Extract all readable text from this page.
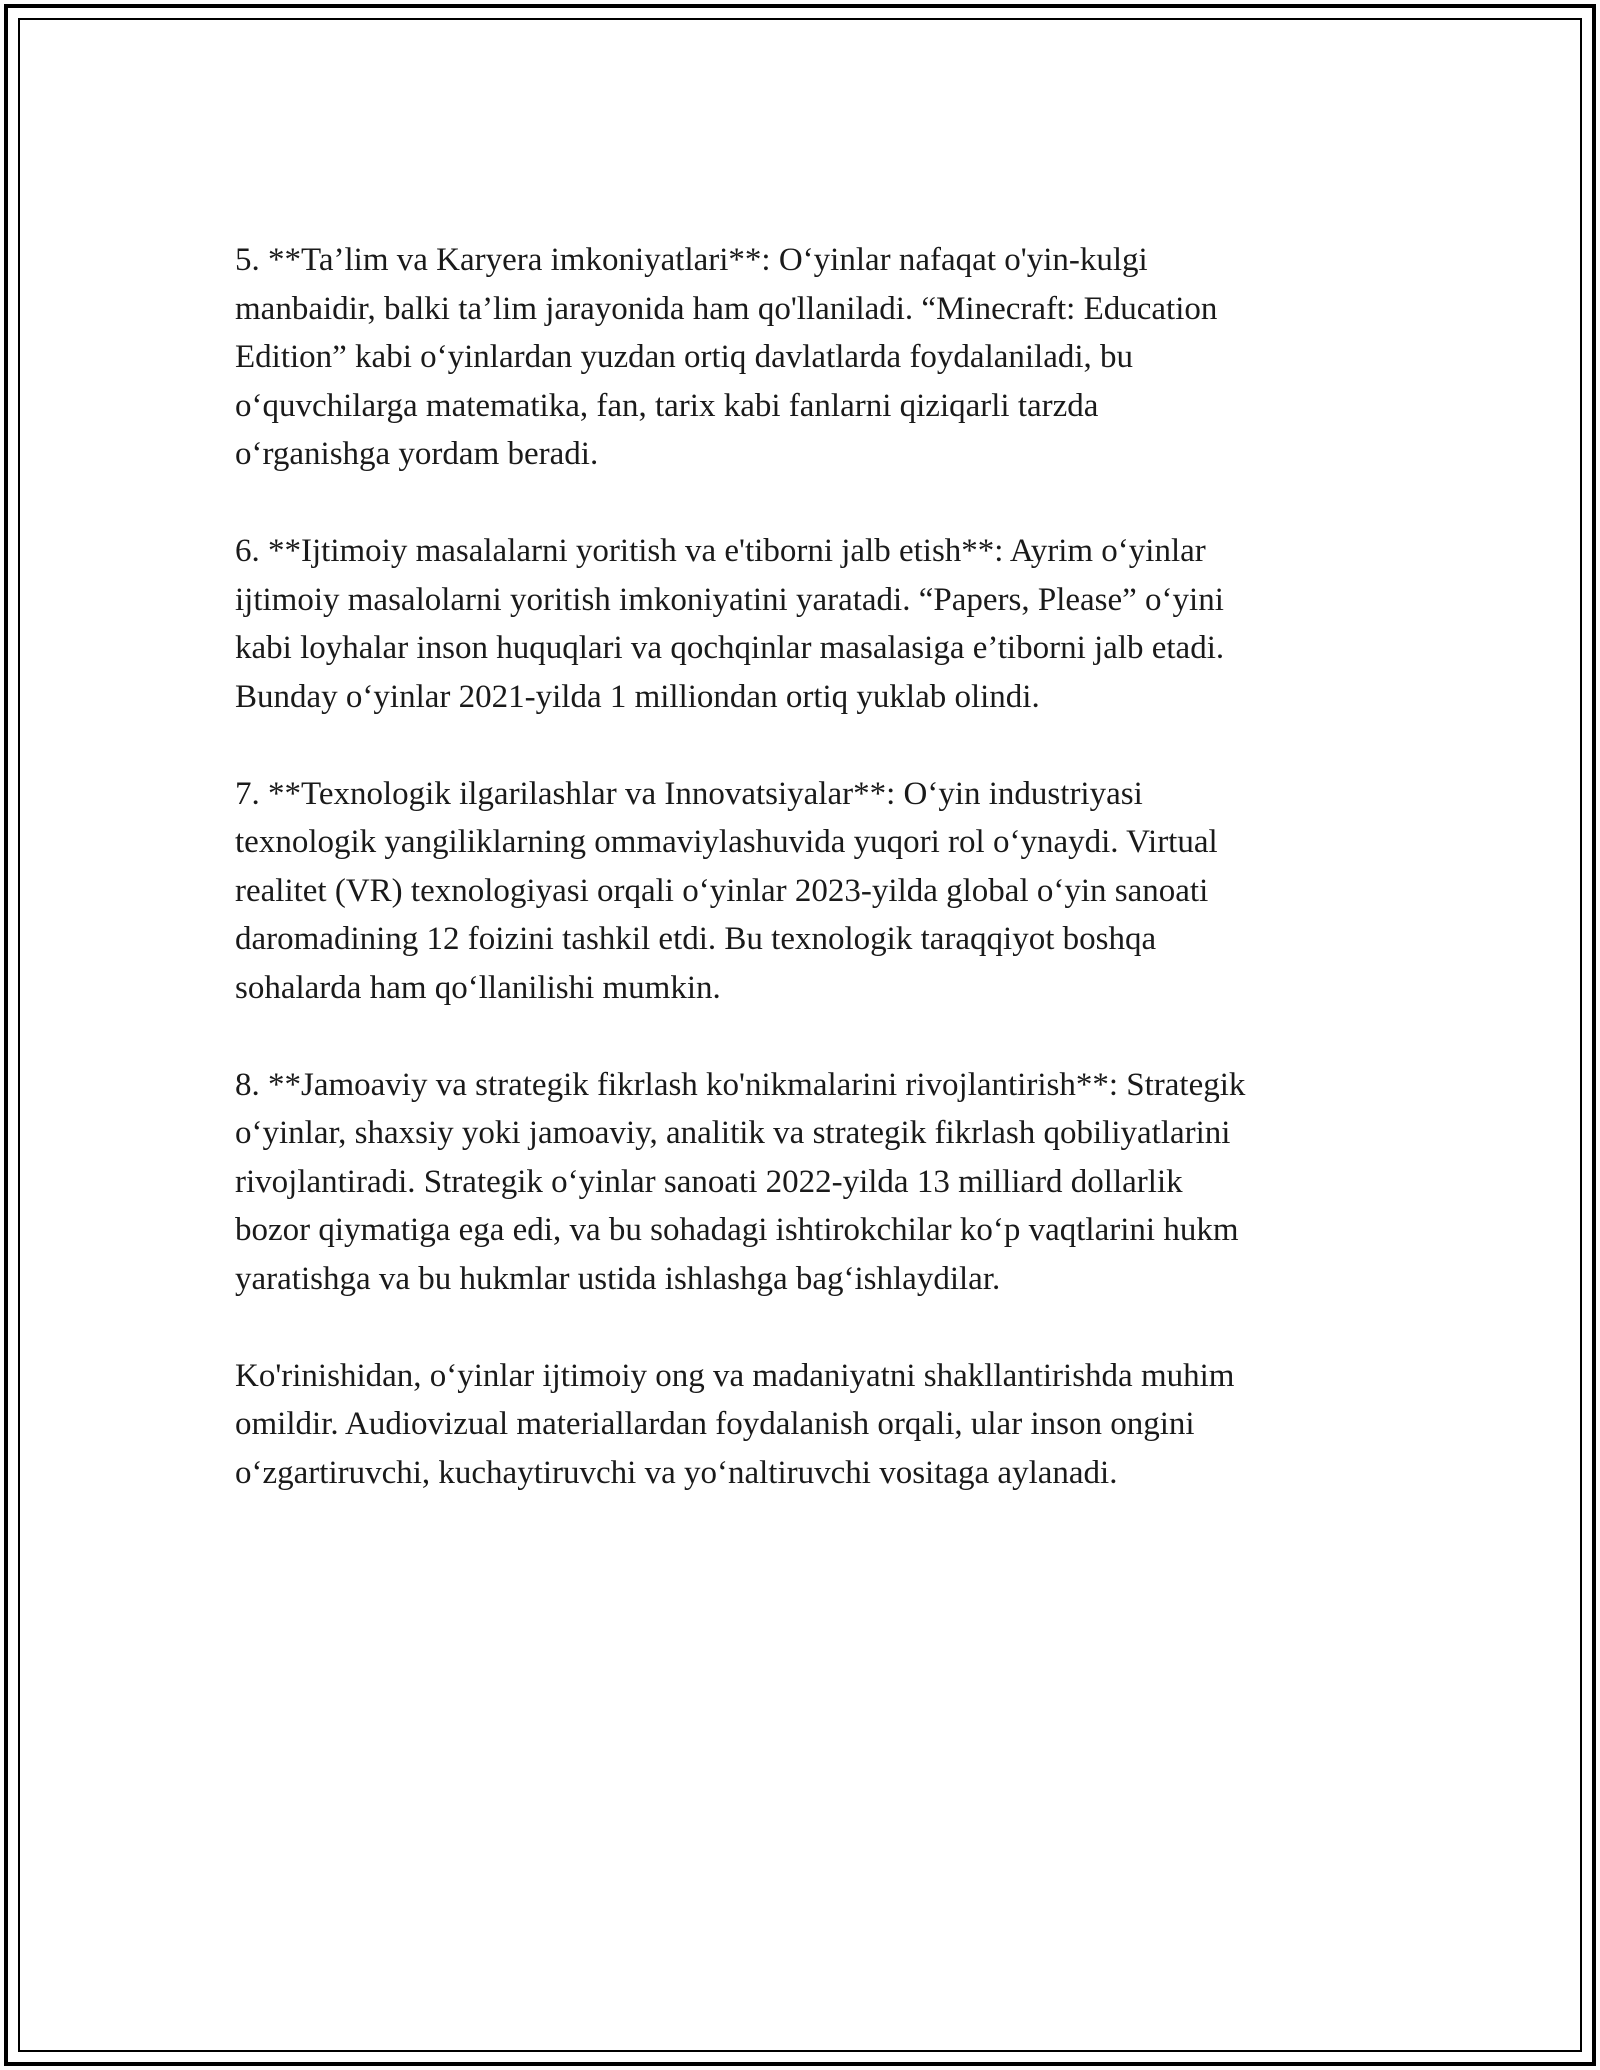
5. **Ta’lim va Karyera imkoniyatlari**: O‘yinlar nafaqat o'yin-kulgi
manbaidir, balki ta’lim jarayonida ham qo'llaniladi. “Minecraft: Education
Edition” kabi o‘yinlardan yuzdan ortiq davlatlarda foydalaniladi, bu
o‘quvchilarga matematika, fan, tarix kabi fanlarni qiziqarli tarzda
o‘rganishga yordam beradi.

6. **Ijtimoiy masalalarni yoritish va e'tiborni jalb etish**: Ayrim o‘yinlar
ijtimoiy masalolarni yoritish imkoniyatini yaratadi. “Papers, Please” o‘yini
kabi loyhalar inson huquqlari va qochqinlar masalasiga e’tiborni jalb etadi.
Bunday o‘yinlar 2021-yilda 1 milliondan ortiq yuklab olindi.

7. **Texnologik ilgarilashlar va Innovatsiyalar**: O‘yin industriyasi
texnologik yangiliklarning ommaviylashuvida yuqori rol o‘ynaydi. Virtual
realitet (VR) texnologiyasi orqali o‘yinlar 2023-yilda global o‘yin sanoati
daromadining 12 foizini tashkil etdi. Bu texnologik taraqqiyot boshqa
sohalarda ham qo‘llanilishi mumkin.

8. **Jamoaviy va strategik fikrlash ko'nikmalarini rivojlantirish**: Strategik
o‘yinlar, shaxsiy yoki jamoaviy, analitik va strategik fikrlash qobiliyatlarini
rivojlantiradi. Strategik o‘yinlar sanoati 2022-yilda 13 milliard dollarlik
bozor qiymatiga ega edi, va bu sohadagi ishtirokchilar ko‘p vaqtlarini hukm
yaratishga va bu hukmlar ustida ishlashga bag‘ishlaydilar.

Ko'rinishidan, o‘yinlar ijtimoiy ong va madaniyatni shakllantirishda muhim
omildir. Audiovizual materiallardan foydalanish orqali, ular inson ongini
o‘zgartiruvchi, kuchaytiruvchi va yo‘naltiruvchi vositaga aylanadi.
